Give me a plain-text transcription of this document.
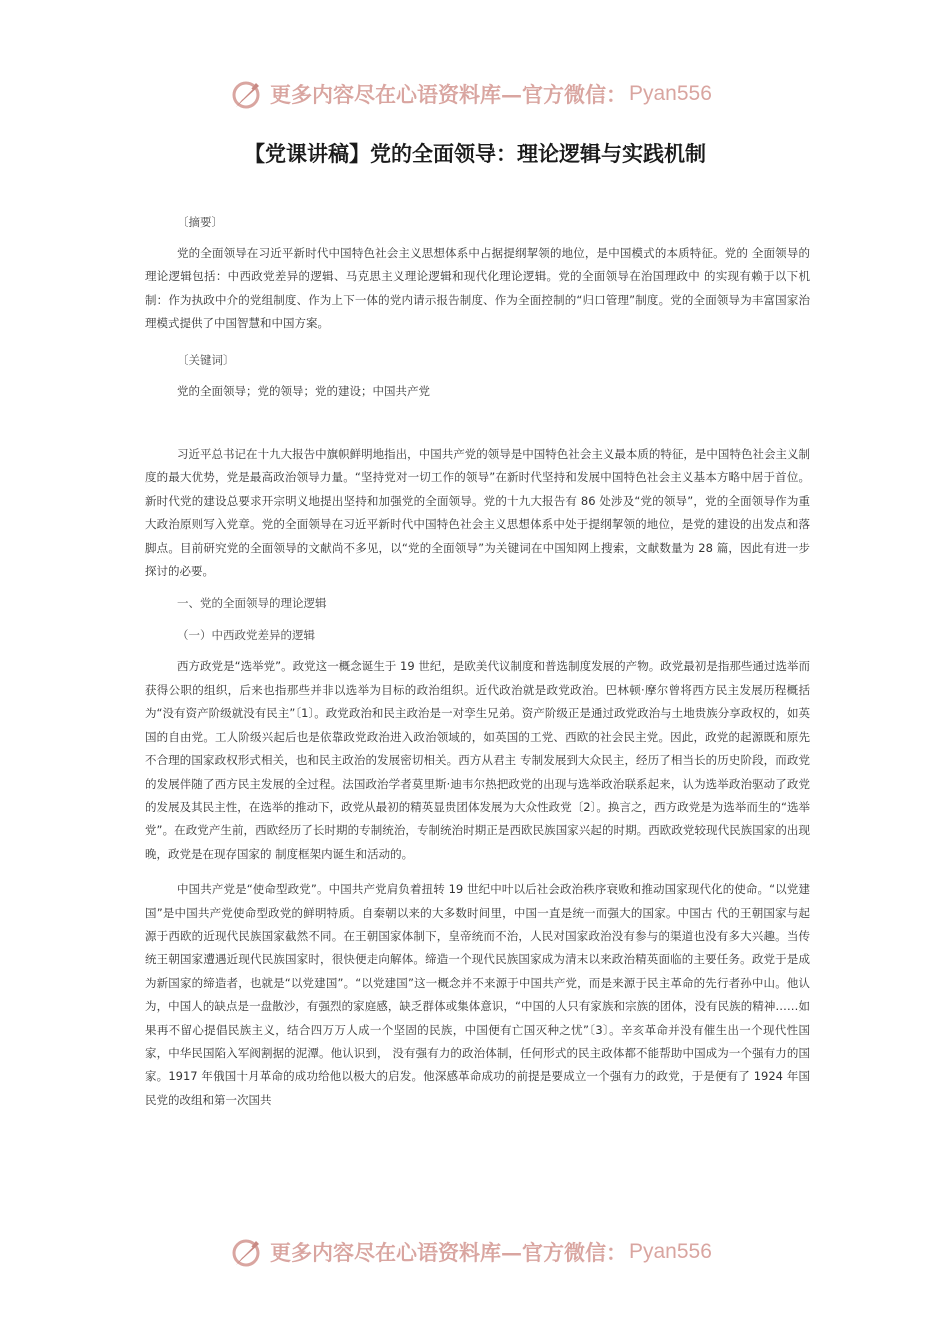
更多内容尽在心语资料库—官方微信： Pyan556
【党课讲稿】党的全面领导：理论逻辑与实践机制

〔摘要〕

党的全面领导在习近平新时代中国特色社会主义思想体系中占据提纲挈领的地位，是中国模式的本质特征。党的 全面领导的理论逻辑包括：中西政党差异的逻辑、马克思主义理论逻辑和现代化理论逻辑。党的全面领导在治国理政中 的实现有赖于以下机制：作为执政中介的党组制度、作为上下一体的党内请示报告制度、作为全面控制的“归口管理”制度。党的全面领导为丰富国家治理模式提供了中国智慧和中国方案。

〔关键词〕

党的全面领导；党的领导；党的建设；中国共产党

习近平总书记在十九大报告中旗帜鲜明地指出，中国共产党的领导是中国特色社会主义最本质的特征，是中国特色社会主义制度的最大优势，党是最高政治领导力量。“坚持党对一切工作的领导”在新时代坚持和发展中国特色社会主义基本方略中居于首位。新时代党的建设总要求开宗明义地提出坚持和加强党的全面领导。党的十九大报告有 86 处涉及“党的领导”，党的全面领导作为重大政治原则写入党章。党的全面领导在习近平新时代中国特色社会主义思想体系中处于提纲挈领的地位，是党的建设的出发点和落脚点。目前研究党的全面领导的文献尚不多见，以“党的全面领导”为关键词在中国知网上搜索，文献数量为 28 篇，因此有进一步探讨的必要。

一、党的全面领导的理论逻辑

（一）中西政党差异的逻辑

西方政党是“选举党”。政党这一概念诞生于 19 世纪，是欧美代议制度和普选制度发展的产物。政党最初是指那些通过选举而获得公职的组织，后来也指那些并非以选举为目标的政治组织。近代政治就是政党政治。巴林顿·摩尔曾将西方民主发展历程概括为“没有资产阶级就没有民主”〔1〕。政党政治和民主政治是一对孪生兄弟。资产阶级正是通过政党政治与土地贵族分享政权的，如英国的自由党。工人阶级兴起后也是依靠政党政治进入政治领域的，如英国的工党、西欧的社会民主党。因此，政党的起源既和原先不合理的国家政权形式相关，也和民主政治的发展密切相关。西方从君主 专制发展到大众民主，经历了相当长的历史阶段，而政党的发展伴随了西方民主发展的全过程。法国政治学者莫里斯·迪韦尔热把政党的出现与选举政治联系起来，认为选举政治驱动了政党的发展及其民主性，在选举的推动下，政党从最初的精英显贵团体发展为大众性政党〔2〕。换言之，西方政党是为选举而生的“选举党”。在政党产生前，西欧经历了长时期的专制统治，专制统治时期正是西欧民族国家兴起的时期。西欧政党较现代民族国家的出现晚，政党是在现存国家的 制度框架内诞生和活动的。

中国共产党是“使命型政党”。中国共产党肩负着扭转 19 世纪中叶以后社会政治秩序衰败和推动国家现代化的使命。“以党建国”是中国共产党使命型政党的鲜明特质。自秦朝以来的大多数时间里，中国一直是统一而强大的国家。中国古 代的王朝国家与起源于西欧的近现代民族国家截然不同。在王朝国家体制下，皇帝统而不治，人民对国家政治没有参与的渠道也没有多大兴趣。当传统王朝国家遭遇近现代民族国家时，很快便走向解体。缔造一个现代民族国家成为清末以来政治精英面临的主要任务。政党于是成为新国家的缔造者，也就是“以党建国”。“以党建国”这一概念并不来源于中国共产党，而是来源于民主革命的先行者孙中山。他认为，中国人的缺点是一盘散沙，有强烈的家庭感，缺乏群体或集体意识，“中国的人只有家族和宗族的团体，没有民族的精神……如果再不留心提倡民族主义，结合四万万人成一个坚固的民族，中国便有亡国灭种之忧”〔3〕。辛亥革命并没有催生出一个现代性国家，中华民国陷入军阀割据的泥潭。他认识到， 没有强有力的政治体制，任何形式的民主政体都不能帮助中国成为一个强有力的国家。1917 年俄国十月革命的成功给他以极大的启发。他深感革命成功的前提是要成立一个强有力的政党，于是便有了 1924 年国民党的改组和第一次国共

更多内容尽在心语资料库—官方微信： Pyan556
